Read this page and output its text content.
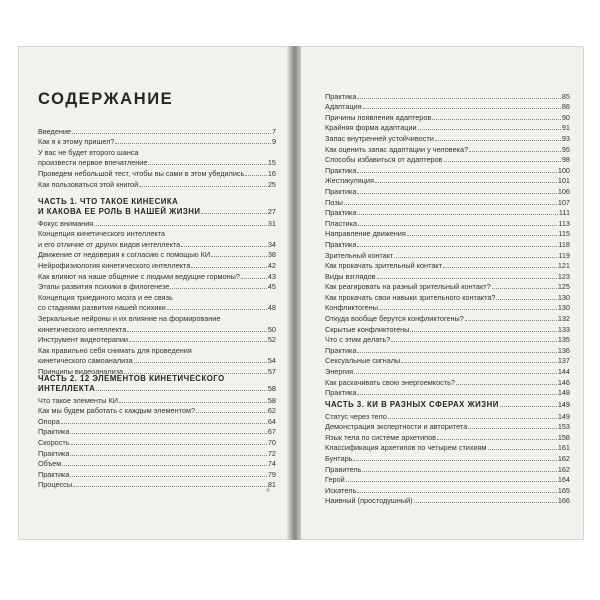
СОДЕРЖАНИЕ
Введение	7
Как я к этому пришел?	9
У вас не будет второго шанса
произвести первое впечатление	15
Проведем небольшой тест, чтобы вы сами в этом убедились	16
Как пользоваться этой книгой	25
ЧАСТЬ 1. ЧТО ТАКОЕ КИНЕСИКА
И КАКОВА ЕЕ РОЛЬ В НАШЕЙ ЖИЗНИ	27
Фокус внимания	31
Концепция кинетического интеллекта
и его отличие от других видов интеллекта	34
Движение от недоверия к согласию с помощью КИ	38
Нейрофизиология кинетического интеллекта	42
Как влияют на наше общение с людьми ведущие гормоны?	43
Этапы развития психики в филогенезе	45
Концепция триединого мозга и ее связь
со стадиями развития нашей психики	48
Зеркальные нейроны и их влияние на формирование
кинетического интеллекта	50
Инструмент видеотерапии	52
Как правильно себя снимать для проведения
кинетического самоанализа	54
Принципы видеоанализа	57
ЧАСТЬ 2. 12 ЭЛЕМЕНТОВ КИНЕТИЧЕСКОГО
ИНТЕЛЛЕКТА	58
Что такое элементы КИ	58
Как мы будем работать с каждым элементом?	62
Опора	64
Практика	67
Скорость	70
Практика	72
Объем	74
Практика	79
Процессы	81
Практика	85
Адаптация	86
Причины появления адаптеров	90
Крайняя форма адаптации	91
Запас внутренней устойчивости	93
Как оценить запас адаптации у человека?	95
Способы избавиться от адаптеров	98
Практика	100
Жестикуляция	101
Практика	106
Позы	107
Практика	111
Пластика	113
Направление движения	115
Практика	118
Зрительный контакт	119
Как прокачать зрительный контакт	121
Виды взглядов	123
Как реагировать на разный зрительный контакт?	125
Как прокачать свои навыки зрительного контакта?	130
Конфликтогены	130
Откуда вообще берутся конфликтогены?	132
Скрытые конфликтогены	133
Что с этим делать?	135
Практика	136
Сексуальные сигналы	137
Энергия	144
Как раскачивать свою энергоемкость?	146
Практика	148
ЧАСТЬ 3. КИ В РАЗНЫХ СФЕРАХ ЖИЗНИ	149
Статус через тело	149
Демонстрация экспертности и авторитета	153
Язык тела по системе архетипов	158
Классификация архетипов по четырем стихиям	161
Бунтарь	162
Правитель	162
Герой	164
Искатель	165
Наивный (простодушный)	166
4
